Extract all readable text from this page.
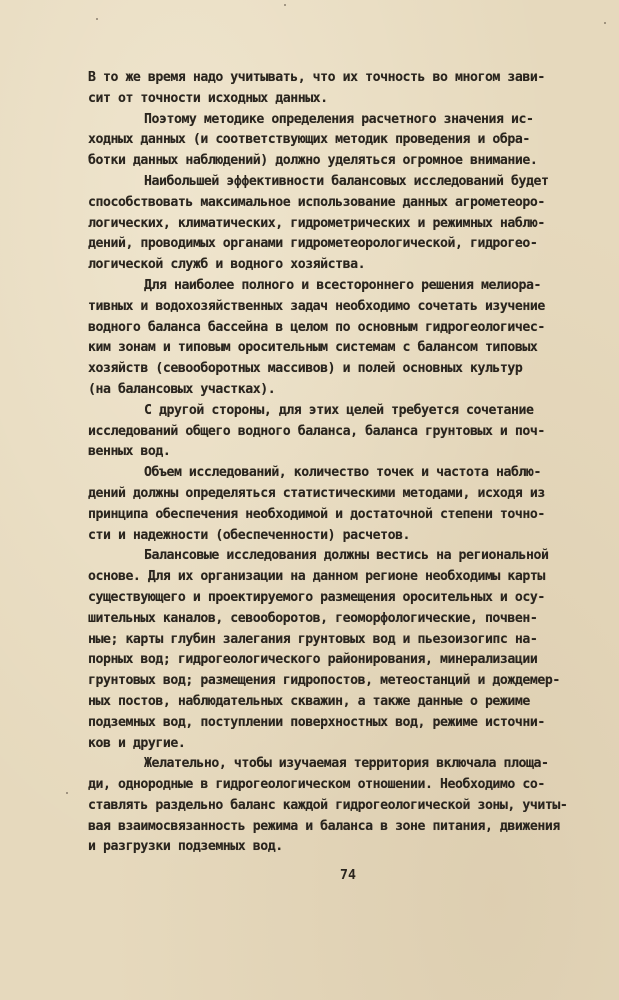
В то же время надо учитывать, что их точность во многом зави-
сит от точности исходных данных.
Поэтому методике определения расчетного значения ис-
ходных данных (и соответствующих методик проведения и обра-
ботки данных наблюдений) должно уделяться огромное внимание.
Наибольшей эффективности балансовых исследований будет
способствовать максимальное использование данных агрометеоро-
логических, климатических, гидрометрических и режимных наблю-
дений, проводимых органами гидрометеорологической, гидрогео-
логической служб и водного хозяйства.
Для наиболее полного и всестороннего решения мелиора-
тивных и водохозяйственных задач необходимо сочетать изучение
водного баланса бассейна в целом по основным гидрогеологичес-
ким зонам и типовым оросительным системам с балансом типовых
хозяйств (севооборотных массивов) и полей основных культур
(на балансовых участках).
С другой стороны, для этих целей требуется сочетание
исследований общего водного баланса, баланса грунтовых и поч-
венных вод.
Объем исследований, количество точек и частота наблю-
дений должны определяться статистическими методами, исходя из
принципа обеспечения необходимой и достаточной степени точно-
сти и надежности (обеспеченности) расчетов.
Балансовые исследования должны вестись на региональной
основе. Для их организации на данном регионе необходимы карты
существующего и проектируемого размещения оросительных и осу-
шительных каналов, севооборотов, геоморфологические, почвен-
ные; карты глубин залегания грунтовых вод и пьезоизогипс на-
порных вод; гидрогеологического районирования, минерализации
грунтовых вод; размещения гидропостов, метеостанций и дождемер-
ных постов, наблюдательных скважин, а также данные о режиме
подземных вод, поступлении поверхностных вод, режиме источни-
ков и другие.
Желательно, чтобы изучаемая территория включала площа-
ди, однородные в гидрогеологическом отношении. Необходимо со-
ставлять раздельно баланс каждой гидрогеологической зоны, учиты-
вая взаимосвязанность режима и баланса в зоне питания, движения
и разгрузки подземных вод.
74
